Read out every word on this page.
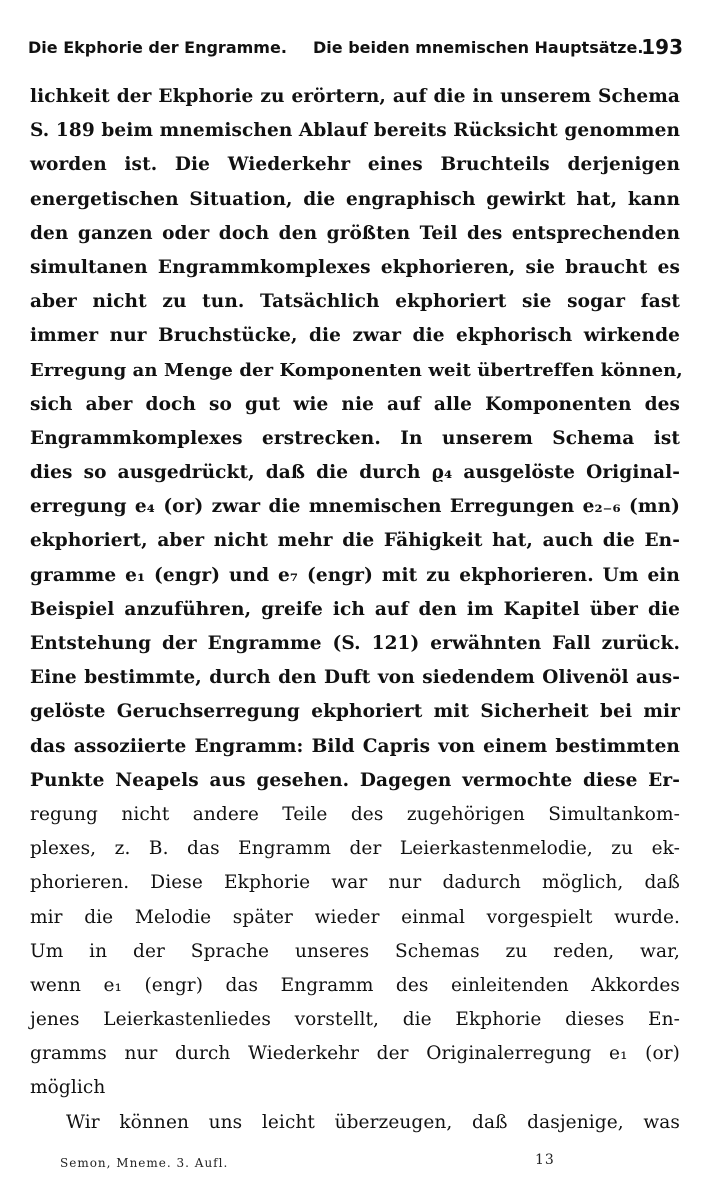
Die Ekphorie der Engramme. Die beiden mnemischen Hauptsätze.
193
lichkeit der Ekphorie zu erörtern, auf die in unserem Schema
S. 189 beim mnemischen Ablauf bereits Rücksicht genommen
worden ist. Die Wiederkehr eines Bruchteils derjenigen
energetischen Situation, die engraphisch gewirkt hat, kann
den ganzen oder doch den größten Teil des entsprechenden
simultanen Engrammkomplexes ekphorieren, sie braucht es
aber nicht zu tun. Tatsächlich ekphoriert sie sogar fast
immer nur Bruchstücke, die zwar die ekphorisch wirkende
Erregung an Menge der Komponenten weit übertreffen können,
sich aber doch so gut wie nie auf alle Komponenten des
Engrammkomplexes erstrecken. In unserem Schema ist
dies so ausgedrückt, daß die durch ϱ₄ ausgelöste Original-
erregung e₄ (or) zwar die mnemischen Erregungen e₂₋₆ (mn)
ekphoriert, aber nicht mehr die Fähigkeit hat, auch die En-
gramme e₁ (engr) und e₇ (engr) mit zu ekphorieren. Um ein
Beispiel anzuführen, greife ich auf den im Kapitel über die
Entstehung der Engramme (S. 121) erwähnten Fall zurück.
Eine bestimmte, durch den Duft von siedendem Olivenöl aus-
gelöste Geruchserregung ekphoriert mit Sicherheit bei mir
das assoziierte Engramm: Bild Capris von einem bestimmten
Punkte Neapels aus gesehen. Dagegen vermochte diese Er-
regung nicht andere Teile des zugehörigen Simultankom-
plexes, z. B. das Engramm der Leierkastenmelodie, zu ek-
phorieren. Diese Ekphorie war nur dadurch möglich, daß
mir die Melodie später wieder einmal vorgespielt wurde.
Um in der Sprache unseres Schemas zu reden, war,
wenn e₁ (engr) das Engramm des einleitenden Akkordes
jenes Leierkastenliedes vorstellt, die Ekphorie dieses En-
gramms nur durch Wiederkehr der Originalerregung e₁ (or)
möglich
Wir können uns leicht überzeugen, daß dasjenige, was
Semon, Mneme. 3. Aufl.	13
